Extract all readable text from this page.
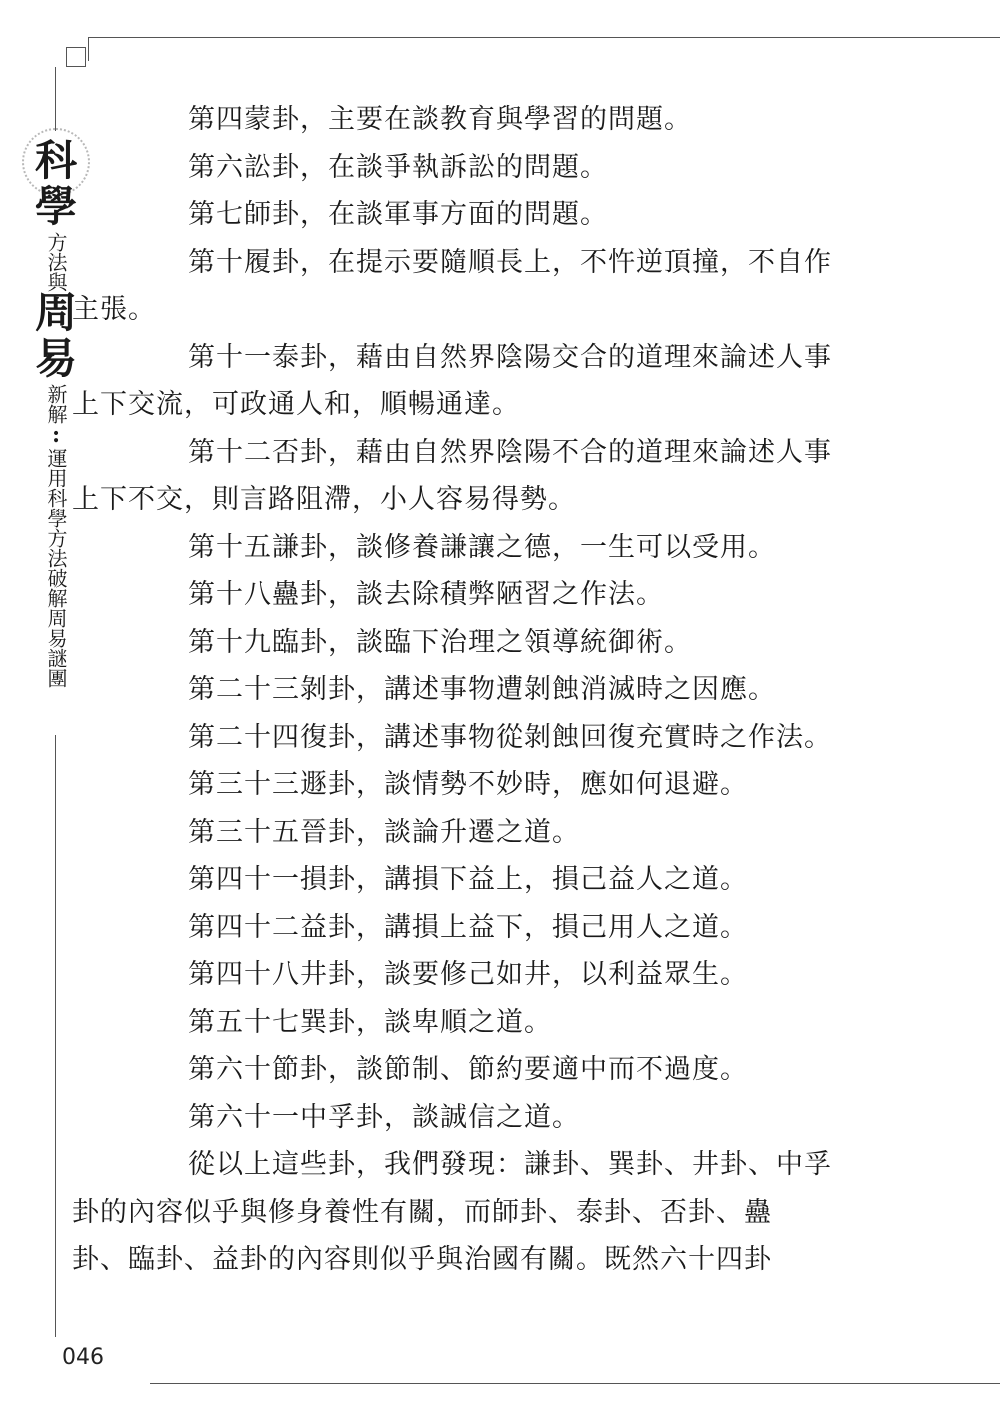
科
學
方法與
周
易
新解
:
運用科學方法破解周易謎團

第四蒙卦，主要在談教育與學習的問題。

第六訟卦，在談爭執訴訟的問題。

第七師卦，在談軍事方面的問題。

第十履卦，在提示要隨順長上，不忤逆頂撞，不自作
主張。

第十一泰卦，藉由自然界陰陽交合的道理來論述人事
上下交流，可政通人和，順暢通達。

第十二否卦，藉由自然界陰陽不合的道理來論述人事
上下不交，則言路阻滯，小人容易得勢。

第十五謙卦，談修養謙讓之德，一生可以受用。

第十八蠱卦，談去除積弊陋習之作法。

第十九臨卦，談臨下治理之領導統御術。

第二十三剝卦，講述事物遭剝蝕消滅時之因應。

第二十四復卦，講述事物從剝蝕回復充實時之作法。

第三十三遯卦，談情勢不妙時，應如何退避。

第三十五晉卦，談論升遷之道。

第四十一損卦，講損下益上，損己益人之道。

第四十二益卦，講損上益下，損己用人之道。

第四十八井卦，談要修己如井，以利益眾生。

第五十七巽卦，談卑順之道。

第六十節卦，談節制、節約要適中而不過度。

第六十一中孚卦，談誠信之道。

從以上這些卦，我們發現：謙卦、巽卦、井卦、中孚
卦的內容似乎與修身養性有關，而師卦、泰卦、否卦、蠱
卦、臨卦、益卦的內容則似乎與治國有關。既然六十四卦

046
